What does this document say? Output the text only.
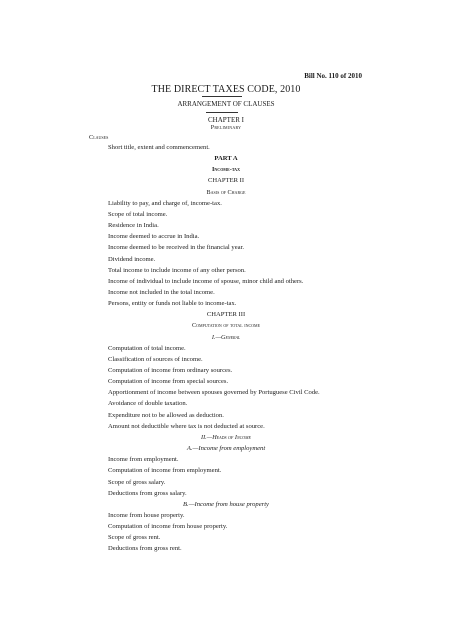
Bill No. 110 of 2010
THE DIRECT TAXES CODE, 2010
ARRANGEMENT OF CLAUSES
CHAPTER I
Preliminary
Clauses
Short title, extent and commencement.
PART A
Income-tax
CHAPTER II
Basis of Charge
Liability to pay, and charge of, income-tax.
Scope of total income.
Residence in India.
Income deemed to accrue in India.
Income deemed to be received in the financial year.
Dividend income.
Total income to include income of any other person.
Income of individual to include income of spouse, minor child and others.
Income not included in the total income.
Persons, entity or funds not liable to income-tax.
CHAPTER III
Computation of total income
I.—General
Computation of total income.
Classification of sources of income.
Computation of income from ordinary sources.
Computation of income from special sources.
Apportionment of income between spouses governed by Portuguese Civil Code.
Avoidance of double taxation.
Expenditure not to be allowed as deduction.
Amount not deductible where tax is not deducted at source.
II.—Heads of Income
A.—Income from employment
Income from employment.
Computation of income from employment.
Scope of gross salary.
Deductions from gross salary.
B.—Income from house property
Income from house property.
Computation of income from house property.
Scope of gross rent.
Deductions from gross rent.
